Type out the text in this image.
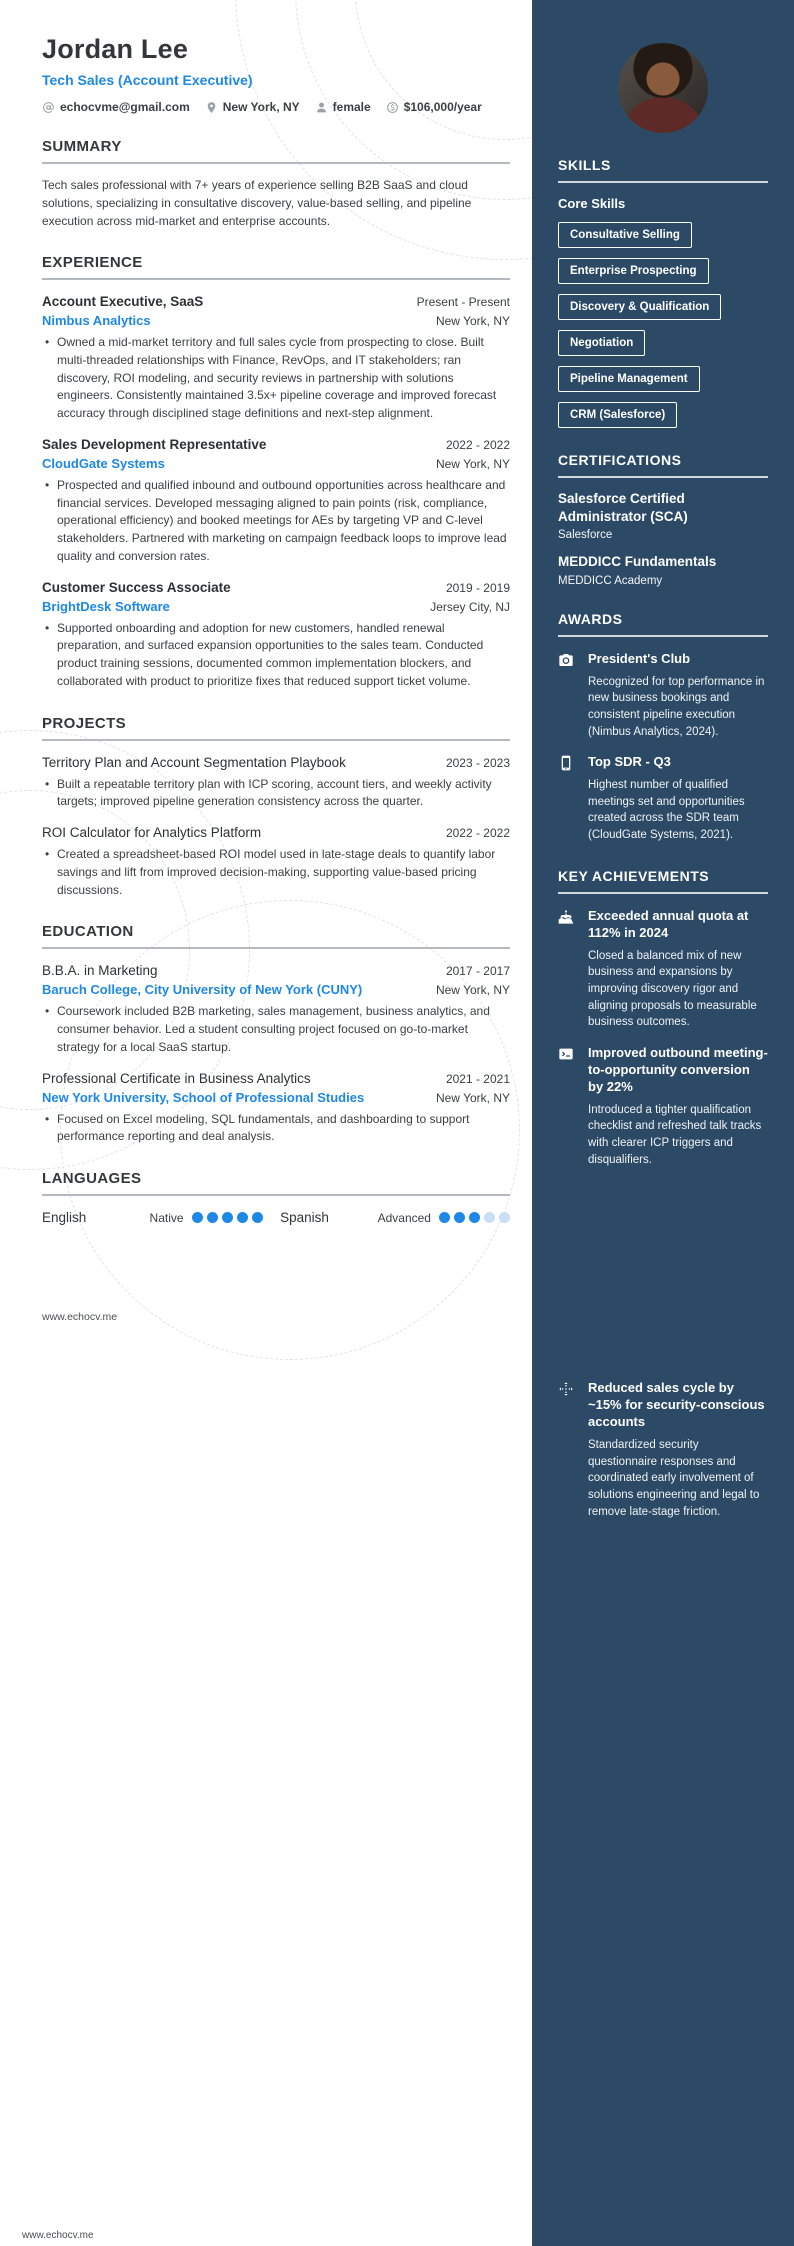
Jordan Lee
Tech Sales (Account Executive)
echocvme@gmail.com	New York, NY	female	$106,000/year
SUMMARY

Tech sales professional with 7+ years of experience selling B2B SaaS and cloud solutions, specializing in consultative discovery, value-based selling, and pipeline execution across mid-market and enterprise accounts.

EXPERIENCE
Account Executive, SaaS	Present - Present
Nimbus Analytics	New York, NY

• Owned a mid-market territory and full sales cycle from prospecting to close. Built multi-threaded relationships with Finance, RevOps, and IT stakeholders; ran discovery, ROI modeling, and security reviews in partnership with solutions engineers. Consistently maintained 3.5x+ pipeline coverage and improved forecast accuracy through disciplined stage definitions and next-step alignment.

Sales Development Representative	2022 - 2022
CloudGate Systems	New York, NY

• Prospected and qualified inbound and outbound opportunities across healthcare and financial services. Developed messaging aligned to pain points (risk, compliance, operational efficiency) and booked meetings for AEs by targeting VP and C-level stakeholders. Partnered with marketing on campaign feedback loops to improve lead quality and conversion rates.

Customer Success Associate	2019 - 2019
BrightDesk Software	Jersey City, NJ

• Supported onboarding and adoption for new customers, handled renewal preparation, and surfaced expansion opportunities to the sales team. Conducted product training sessions, documented common implementation blockers, and collaborated with product to prioritize fixes that reduced support ticket volume.

PROJECTS
Territory Plan and Account Segmentation Playbook	2023 - 2023

• Built a repeatable territory plan with ICP scoring, account tiers, and weekly activity targets; improved pipeline generation consistency across the quarter.

ROI Calculator for Analytics Platform	2022 - 2022

• Created a spreadsheet-based ROI model used in late-stage deals to quantify labor savings and lift from improved decision-making, supporting value-based pricing discussions.

EDUCATION
B.B.A. in Marketing	2017 - 2017
Baruch College, City University of New York (CUNY)	New York, NY

• Coursework included B2B marketing, sales management, business analytics, and consumer behavior. Led a student consulting project focused on go-to-market strategy for a local SaaS startup.

Professional Certificate in Business Analytics	2021 - 2021
New York University, School of Professional Studies	New York, NY

• Focused on Excel modeling, SQL fundamentals, and dashboarding to support performance reporting and deal analysis.

LANGUAGES
English	Native	Spanish	Advanced
www.echocv.me
www.echocv.me
SKILLS
Core Skills
Consultative Selling
Enterprise Prospecting
Discovery & Qualification
Negotiation
Pipeline Management
CRM (Salesforce)
CERTIFICATIONS
Salesforce Certified Administrator (SCA)
Salesforce
MEDDICC Fundamentals
MEDDICC Academy
AWARDS
President's Club
Recognized for top performance in new business bookings and consistent pipeline execution (Nimbus Analytics, 2024).
Top SDR - Q3
Highest number of qualified meetings set and opportunities created across the SDR team (CloudGate Systems, 2021).
KEY ACHIEVEMENTS
Exceeded annual quota at 112% in 2024
Closed a balanced mix of new business and expansions by improving discovery rigor and aligning proposals to measurable business outcomes.
Improved outbound meeting-to-opportunity conversion by 22%
Introduced a tighter qualification checklist and refreshed talk tracks with clearer ICP triggers and disqualifiers.
Reduced sales cycle by ~15% for security-conscious accounts
Standardized security questionnaire responses and coordinated early involvement of solutions engineering and legal to remove late-stage friction.
